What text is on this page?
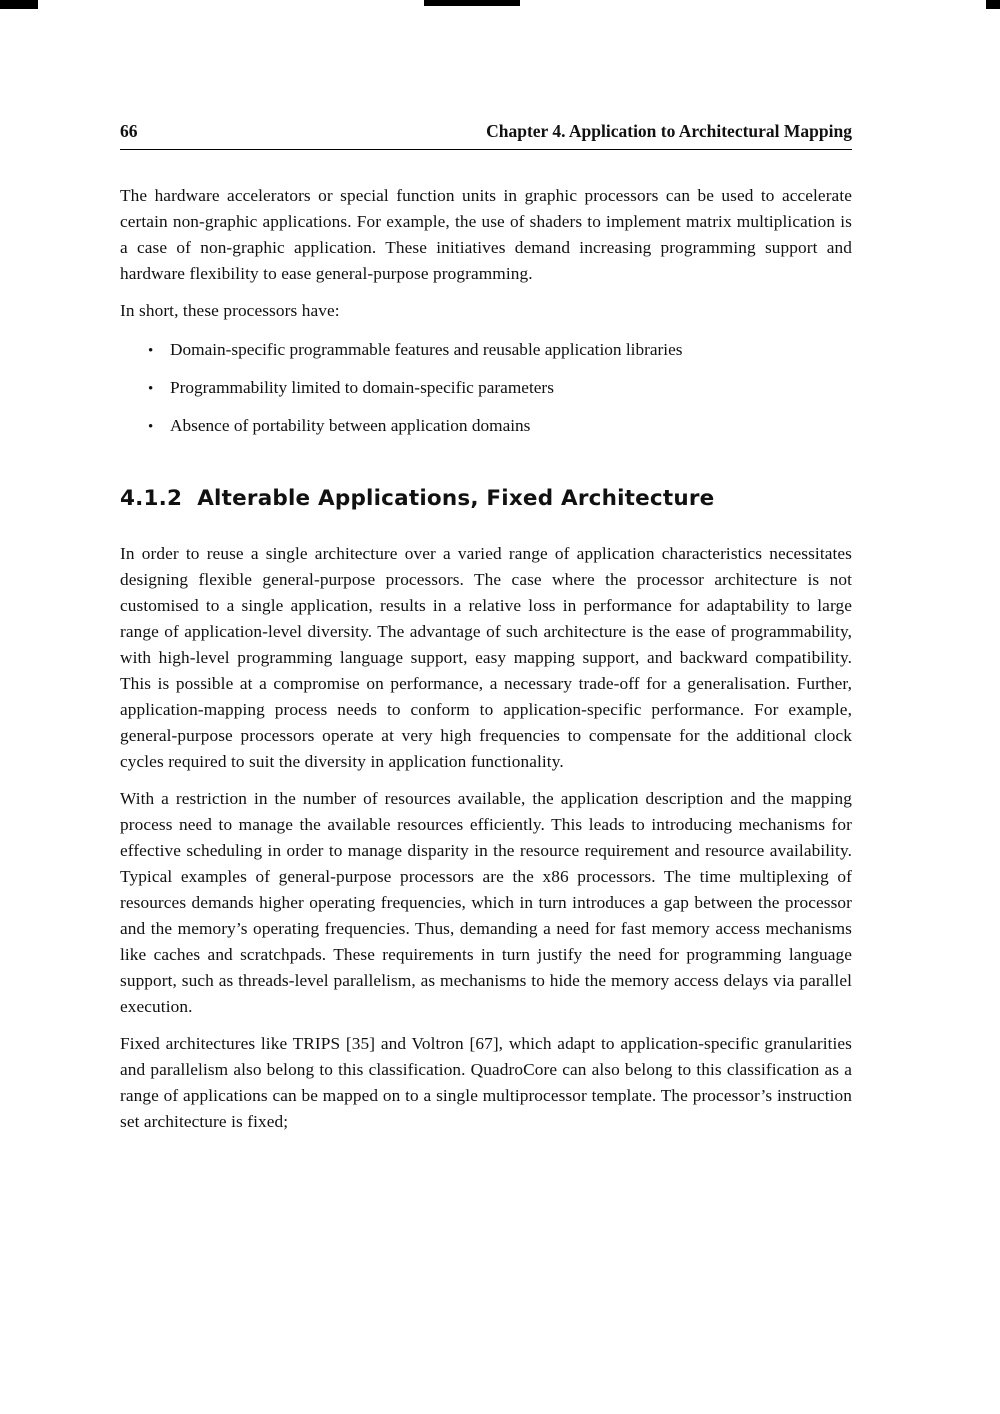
66	Chapter 4. Application to Architectural Mapping

The hardware accelerators or special function units in graphic processors can be used to accelerate certain non-graphic applications. For example, the use of shaders to implement matrix multiplication is a case of non-graphic application. These initiatives demand increasing programming support and hardware flexibility to ease general-purpose programming.

In short, these processors have:

• Domain-specific programmable features and reusable application libraries
• Programmability limited to domain-specific parameters
• Absence of portability between application domains
4.1.2 Alterable Applications, Fixed Architecture

In order to reuse a single architecture over a varied range of application characteristics necessitates designing flexible general-purpose processors. The case where the processor architecture is not customised to a single application, results in a relative loss in performance for adaptability to large range of application-level diversity. The advantage of such architecture is the ease of programmability, with high-level programming language support, easy mapping support, and backward compatibility. This is possible at a compromise on performance, a necessary trade-off for a generalisation. Further, application-mapping process needs to conform to application-specific performance. For example, general-purpose processors operate at very high frequencies to compensate for the additional clock cycles required to suit the diversity in application functionality.

With a restriction in the number of resources available, the application description and the mapping process need to manage the available resources efficiently. This leads to introducing mechanisms for effective scheduling in order to manage disparity in the resource requirement and resource availability. Typical examples of general-purpose processors are the x86 processors. The time multiplexing of resources demands higher operating frequencies, which in turn introduces a gap between the processor and the memory’s operating frequencies. Thus, demanding a need for fast memory access mechanisms like caches and scratchpads. These requirements in turn justify the need for programming language support, such as threads-level parallelism, as mechanisms to hide the memory access delays via parallel execution.

Fixed architectures like TRIPS [35] and Voltron [67], which adapt to application-specific granularities and parallelism also belong to this classification. QuadroCore can also belong to this classification as a range of applications can be mapped on to a single multiprocessor template. The processor’s instruction set architecture is fixed;
